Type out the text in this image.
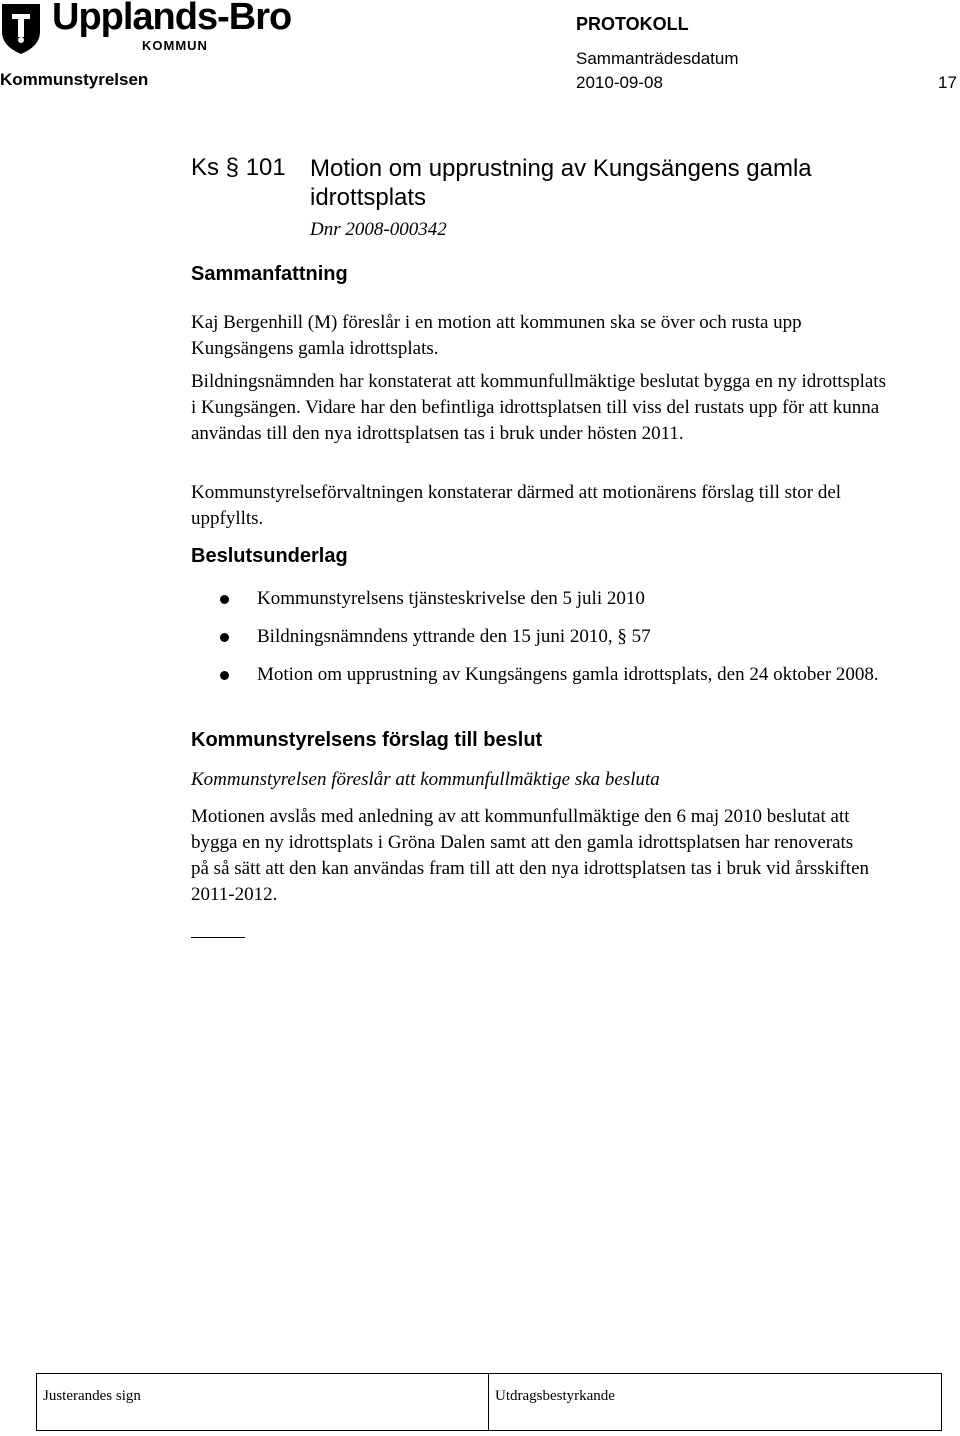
Upplands-Bro
KOMMUN
Kommunstyrelsen
PROTOKOLL
Sammanträdesdatum
2010-09-08	17
Ks § 101 Motion om upprustning av Kungsängens gamla idrottsplats
Dnr 2008-000342
Sammanfattning
Kaj Bergenhill (M) föreslår i en motion att kommunen ska se över och rusta upp Kungsängens gamla idrottsplats.
Bildningsnämnden har konstaterat att kommunfullmäktige beslutat bygga en ny idrottsplats i Kungsängen. Vidare har den befintliga idrottsplatsen till viss del rustats upp för att kunna användas till den nya idrottsplatsen tas i bruk under hösten 2011.
Kommunstyrelseförvaltningen konstaterar därmed att motionärens förslag till stor del uppfyllts.
Beslutsunderlag
Kommunstyrelsens tjänsteskrivelse den 5 juli 2010
Bildningsnämndens yttrande den 15 juni 2010, § 57
Motion om upprustning av Kungsängens gamla idrottsplats, den 24 oktober 2008.
Kommunstyrelsens förslag till beslut
Kommunstyrelsen föreslår att kommunfullmäktige ska besluta
Motionen avslås med anledning av att kommunfullmäktige den 6 maj 2010 beslutat att bygga en ny idrottsplats i Gröna Dalen samt att den gamla idrottsplatsen har renoverats på så sätt att den kan användas fram till att den nya idrottsplatsen tas i bruk vid årsskiften 2011-2012.
Justerandes sign	Utdragsbestyrkande
